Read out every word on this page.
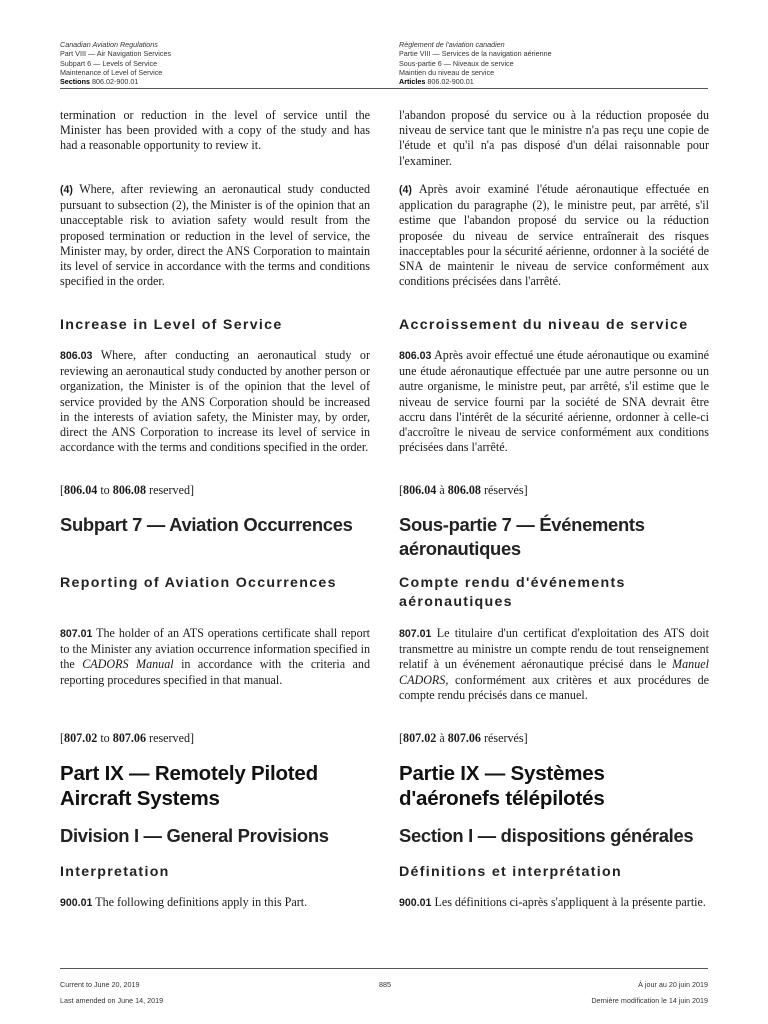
Canadian Aviation Regulations
Part VIII — Air Navigation Services
Subpart 6 — Levels of Service
Maintenance of Level of Service
Sections 806.02-900.01
Règlement de l'aviation canadien
Partie VIII — Services de la navigation aérienne
Sous-partie 6 — Niveaux de service
Maintien du niveau de service
Articles 806.02-900.01

termination or reduction in the level of service until the Minister has been provided with a copy of the study and has had a reasonable opportunity to review it.

(4) Where, after reviewing an aeronautical study conducted pursuant to subsection (2), the Minister is of the opinion that an unacceptable risk to aviation safety would result from the proposed termination or reduction in the level of service, the Minister may, by order, direct the ANS Corporation to maintain its level of service in accordance with the terms and conditions specified in the order.

Increase in Level of Service

806.03 Where, after conducting an aeronautical study or reviewing an aeronautical study conducted by another person or organization, the Minister is of the opinion that the level of service provided by the ANS Corporation should be increased in the interests of aviation safety, the Minister may, by order, direct the ANS Corporation to increase its level of service in accordance with the terms and conditions specified in the order.

[806.04 to 806.08 reserved]

Subpart 7 — Aviation Occurrences
Reporting of Aviation Occurrences

807.01 The holder of an ATS operations certificate shall report to the Minister any aviation occurrence information specified in the CADORS Manual in accordance with the criteria and reporting procedures specified in that manual.

[807.02 to 807.06 reserved]

Part IX — Remotely Piloted Aircraft Systems
Division I — General Provisions
Interpretation

900.01 The following definitions apply in this Part.

l'abandon proposé du service ou à la réduction proposée du niveau de service tant que le ministre n'a pas reçu une copie de l'étude et qu'il n'a pas disposé d'un délai raisonnable pour l'examiner.

(4) Après avoir examiné l'étude aéronautique effectuée en application du paragraphe (2), le ministre peut, par arrêté, s'il estime que l'abandon proposé du service ou la réduction proposée du niveau de service entraînerait des risques inacceptables pour la sécurité aérienne, ordonner à la société de SNA de maintenir le niveau de service conformément aux conditions précisées dans l'arrêté.

Accroissement du niveau de service

806.03 Après avoir effectué une étude aéronautique ou examiné une étude aéronautique effectuée par une autre personne ou un autre organisme, le ministre peut, par arrêté, s'il estime que le niveau de service fourni par la société de SNA devrait être accru dans l'intérêt de la sécurité aérienne, ordonner à celle-ci d'accroître le niveau de service conformément aux conditions précisées dans l'arrêté.

[806.04 à 806.08 réservés]

Sous-partie 7 — Événements aéronautiques
Compte rendu d'événements aéronautiques

807.01 Le titulaire d'un certificat d'exploitation des ATS doit transmettre au ministre un compte rendu de tout renseignement relatif à un événement aéronautique précisé dans le Manuel CADORS, conformément aux critères et aux procédures de compte rendu précisés dans ce manuel.

[807.02 à 807.06 réservés]

Partie IX — Systèmes d'aéronefs télépilotés
Section I — dispositions générales
Définitions et interprétation

900.01 Les définitions ci-après s'appliquent à la présente partie.

Current to June 20, 2019
Last amended on June 14, 2019
885	À jour au 20 juin 2019
Dernière modification le 14 juin 2019
